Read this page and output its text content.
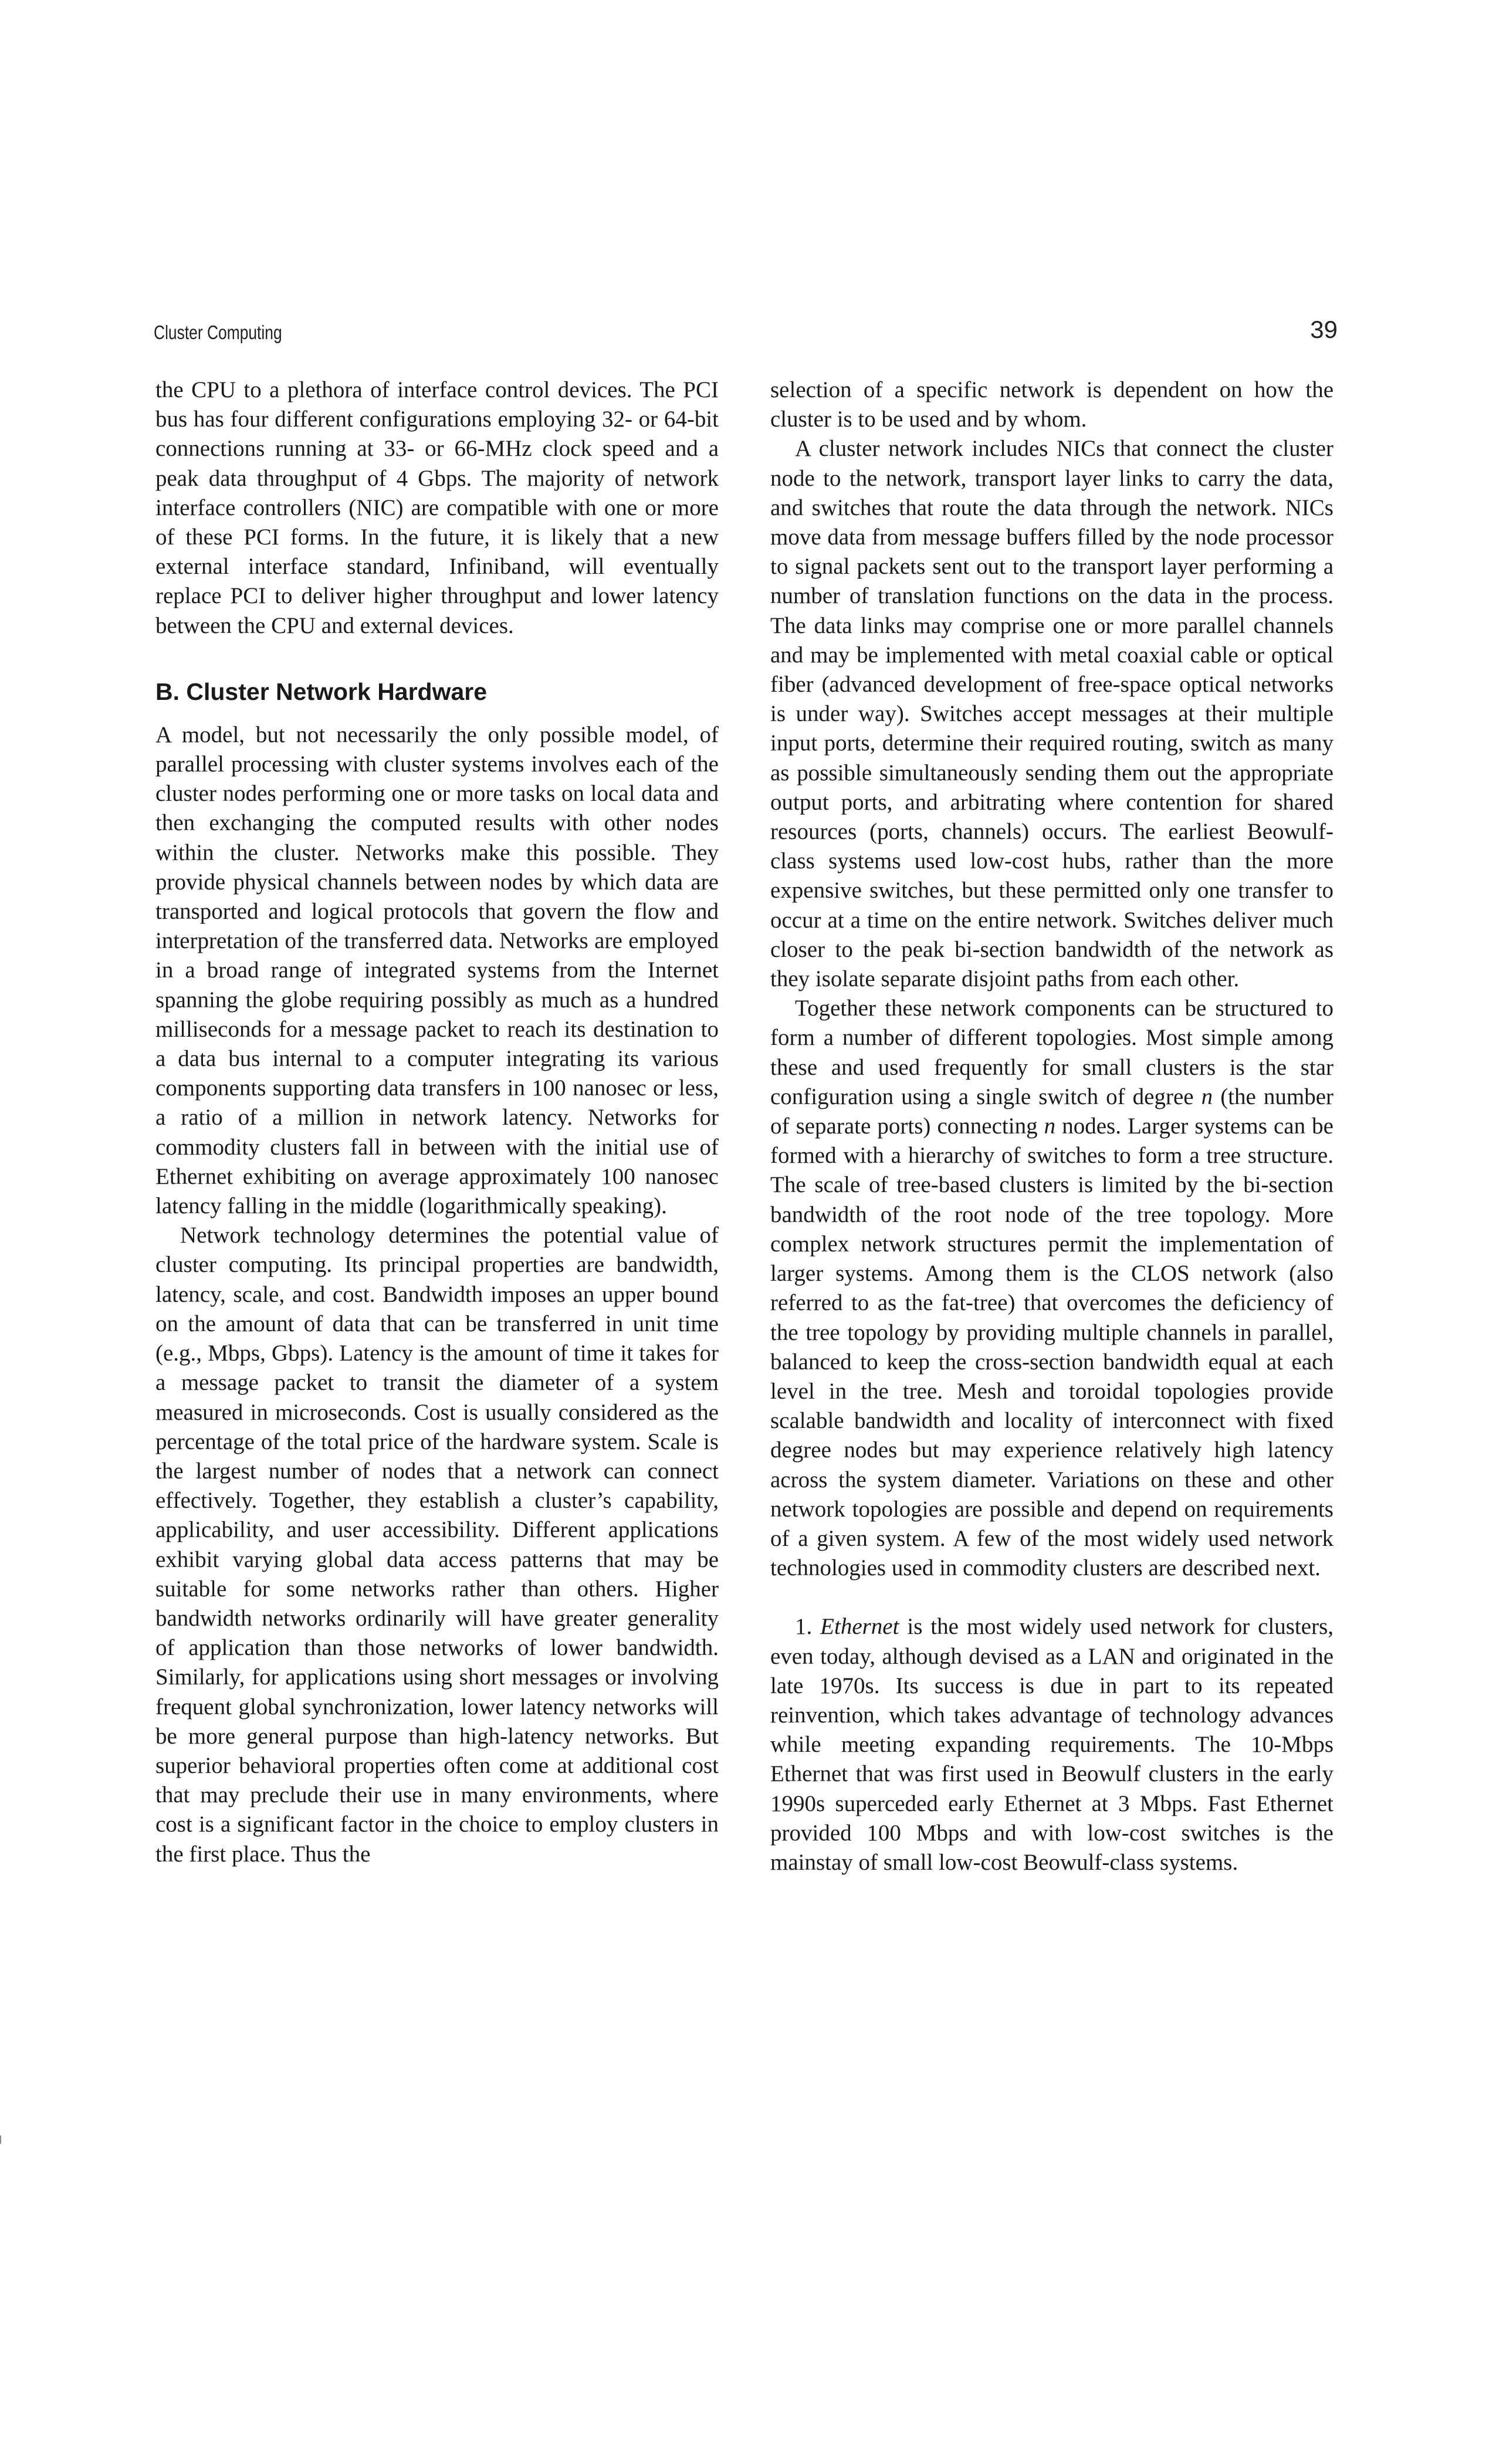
Cluster Computing	39

the CPU to a plethora of interface control devices. The PCI bus has four different configurations employing 32- or 64-bit connections running at 33- or 66-MHz clock speed and a peak data throughput of 4 Gbps. The majority of network interface controllers (NIC) are compatible with one or more of these PCI forms. In the future, it is likely that a new external interface standard, Infiniband, will eventually replace PCI to deliver higher throughput and lower latency between the CPU and external devices.

B. Cluster Network Hardware

A model, but not necessarily the only possible model, of parallel processing with cluster systems involves each of the cluster nodes performing one or more tasks on local data and then exchanging the computed results with other nodes within the cluster. Networks make this possible. They provide physical channels between nodes by which data are transported and logical protocols that govern the flow and interpretation of the transferred data. Networks are employed in a broad range of integrated systems from the Internet spanning the globe requiring possibly as much as a hundred milliseconds for a message packet to reach its destination to a data bus internal to a computer integrating its various components supporting data transfers in 100 nanosec or less, a ratio of a million in network latency. Networks for commodity clusters fall in between with the initial use of Ethernet exhibiting on average approximately 100 nanosec latency falling in the middle (logarithmically speaking).

Network technology determines the potential value of cluster computing. Its principal properties are bandwidth, latency, scale, and cost. Bandwidth imposes an upper bound on the amount of data that can be transferred in unit time (e.g., Mbps, Gbps). Latency is the amount of time it takes for a message packet to transit the diameter of a system measured in microseconds. Cost is usually considered as the percentage of the total price of the hardware system. Scale is the largest number of nodes that a network can connect effectively. Together, they establish a cluster’s capability, applicability, and user accessibility. Different applications exhibit varying global data access patterns that may be suitable for some networks rather than others. Higher bandwidth networks ordinarily will have greater generality of application than those networks of lower bandwidth. Similarly, for applications using short messages or involving frequent global synchronization, lower latency networks will be more general purpose than high-latency networks. But superior behavioral properties often come at additional cost that may preclude their use in many environments, where cost is a significant factor in the choice to employ clusters in the first place. Thus the

selection of a specific network is dependent on how the cluster is to be used and by whom.

A cluster network includes NICs that connect the cluster node to the network, transport layer links to carry the data, and switches that route the data through the network. NICs move data from message buffers filled by the node processor to signal packets sent out to the transport layer performing a number of translation functions on the data in the process. The data links may comprise one or more parallel channels and may be implemented with metal coaxial cable or optical fiber (advanced development of free-space optical networks is under way). Switches accept messages at their multiple input ports, determine their required routing, switch as many as possible simultaneously sending them out the appropriate output ports, and arbitrating where contention for shared resources (ports, channels) occurs. The earliest Beowulf-class systems used low-cost hubs, rather than the more expensive switches, but these permitted only one transfer to occur at a time on the entire network. Switches deliver much closer to the peak bi-section bandwidth of the network as they isolate separate disjoint paths from each other.

Together these network components can be structured to form a number of different topologies. Most simple among these and used frequently for small clusters is the star configuration using a single switch of degree n (the number of separate ports) connecting n nodes. Larger systems can be formed with a hierarchy of switches to form a tree structure. The scale of tree-based clusters is limited by the bi-section bandwidth of the root node of the tree topology. More complex network structures permit the implementation of larger systems. Among them is the CLOS network (also referred to as the fat-tree) that overcomes the deficiency of the tree topology by providing multiple channels in parallel, balanced to keep the cross-section bandwidth equal at each level in the tree. Mesh and toroidal topologies provide scalable bandwidth and locality of interconnect with fixed degree nodes but may experience relatively high latency across the system diameter. Variations on these and other network topologies are possible and depend on requirements of a given system. A few of the most widely used network technologies used in commodity clusters are described next.

1. Ethernet is the most widely used network for clusters, even today, although devised as a LAN and originated in the late 1970s. Its success is due in part to its repeated reinvention, which takes advantage of technology advances while meeting expanding requirements. The 10-Mbps Ethernet that was first used in Beowulf clusters in the early 1990s superceded early Ethernet at 3 Mbps. Fast Ethernet provided 100 Mbps and with low-cost switches is the mainstay of small low-cost Beowulf-class systems.
